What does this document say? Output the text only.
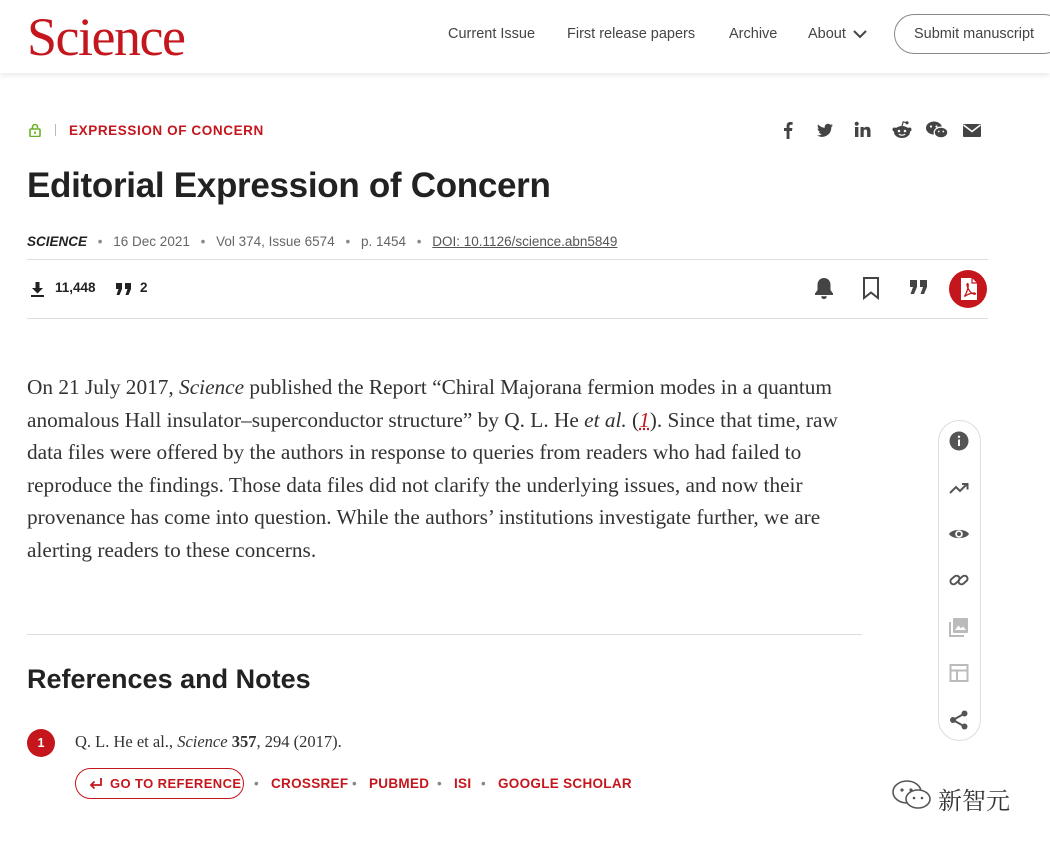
Science	Current Issue First release papers Archive About	Submit manuscript
EXPRESSION OF CONCERN
Editorial Expression of Concern
SCIENCE • 16 Dec 2021 • Vol 374, Issue 6574 • p. 1454 • DOI: 10.1126/science.abn5849
11,448	2

On 21 July 2017, Science published the Report “Chiral Majorana fermion modes in a quantum anomalous Hall insulator–superconductor structure” by Q. L. He et al. (1). Since that time, raw data files were offered by the authors in response to queries from readers who had failed to reproduce the findings. Those data files did not clarify the underlying issues, and now their provenance has come into question. While the authors’ institutions investigate further, we are alerting readers to these concerns.

References and Notes
1	Q. L. He et al., Science 357, 294 (2017).
GO TO REFERENCE • CROSSREF • PUBMED • ISI • GOOGLE SCHOLAR
新智元
